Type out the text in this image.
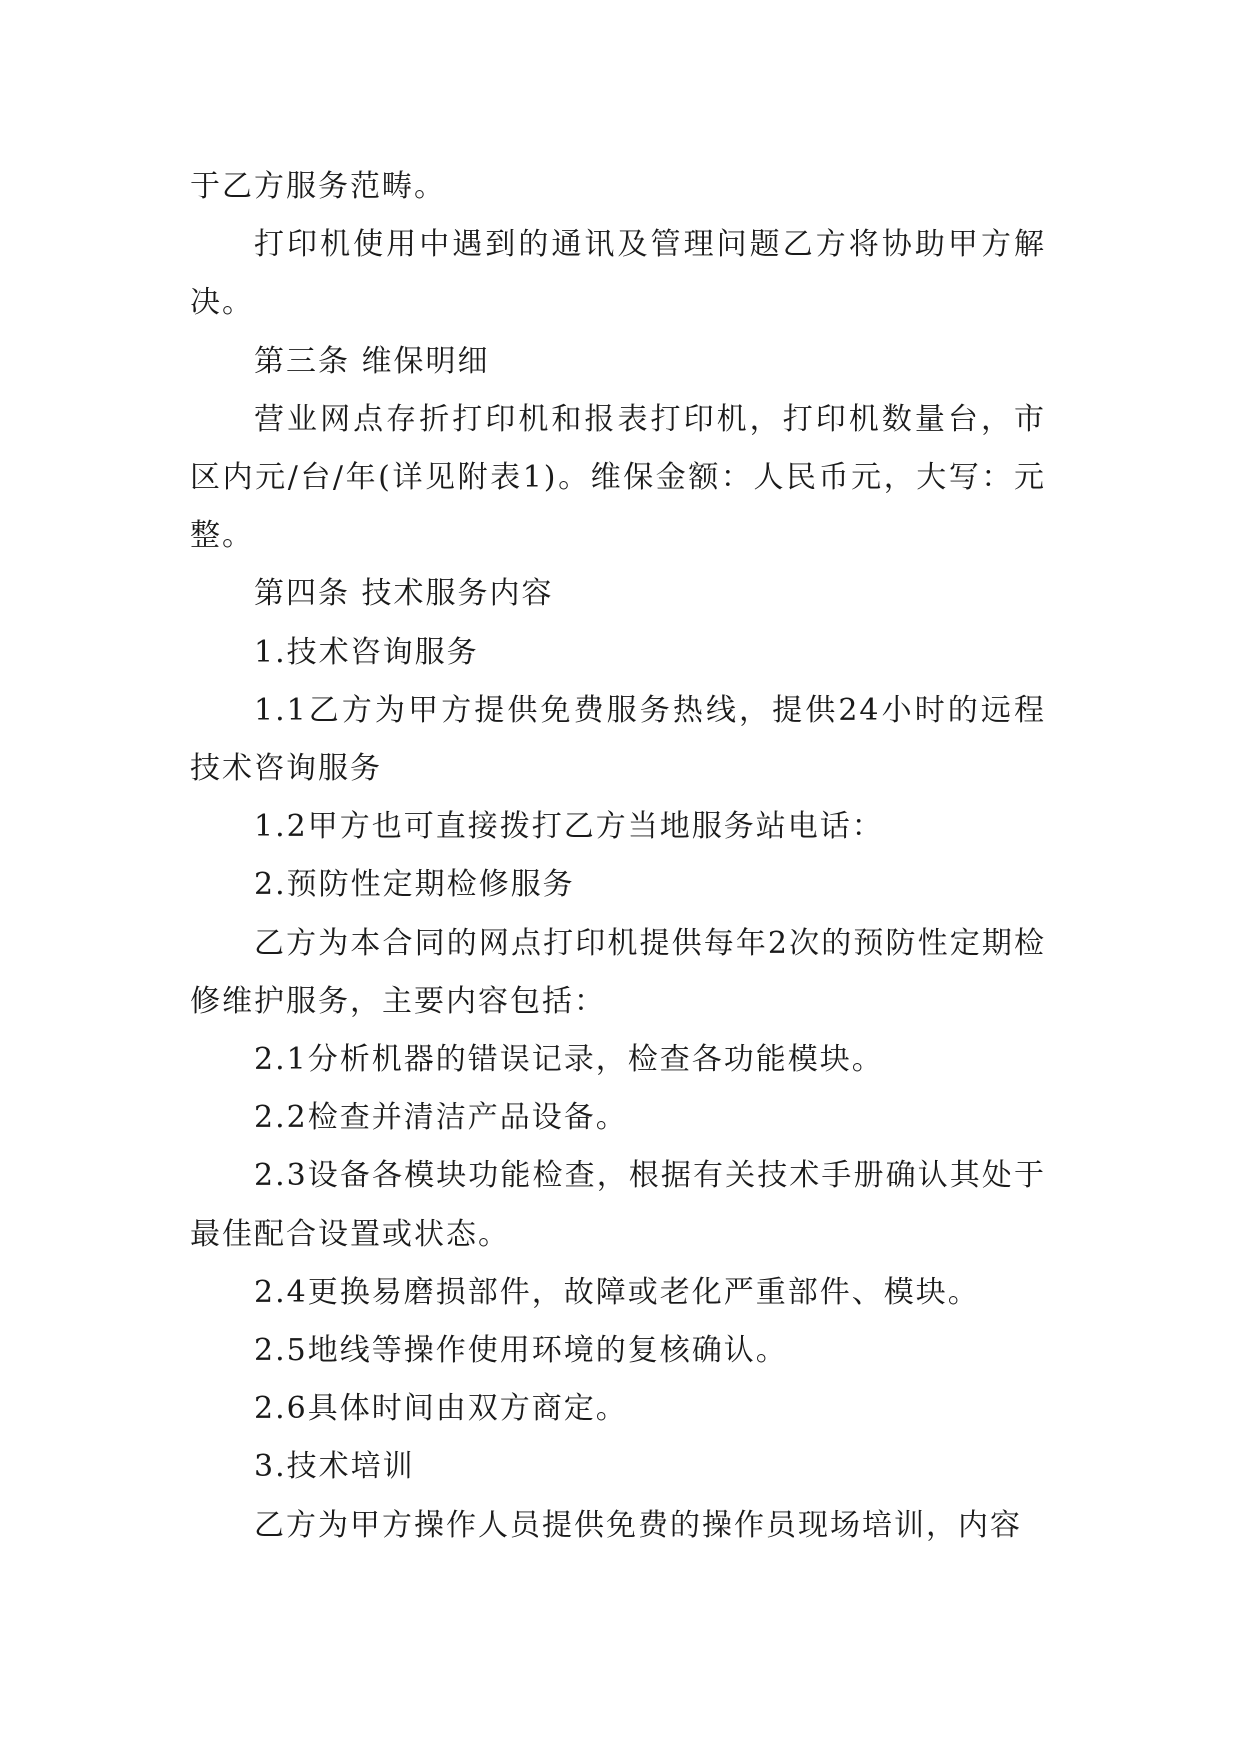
于乙方服务范畴。

打印机使用中遇到的通讯及管理问题乙方将协助甲方解决。

第三条 维保明细

营业网点存折打印机和报表打印机，打印机数量台，市区内元/台/年(详见附表1)。维保金额：人民币元，大写：元整。

第四条 技术服务内容

1.技术咨询服务

1.1乙方为甲方提供免费服务热线，提供24小时的远程技术咨询服务

1.2甲方也可直接拨打乙方当地服务站电话：

2.预防性定期检修服务

乙方为本合同的网点打印机提供每年2次的预防性定期检修维护服务，主要内容包括：

2.1分析机器的错误记录，检查各功能模块。

2.2检查并清洁产品设备。

2.3设备各模块功能检查，根据有关技术手册确认其处于最佳配合设置或状态。

2.4更换易磨损部件，故障或老化严重部件、模块。

2.5地线等操作使用环境的复核确认。

2.6具体时间由双方商定。

3.技术培训

乙方为甲方操作人员提供免费的操作员现场培训，内容
